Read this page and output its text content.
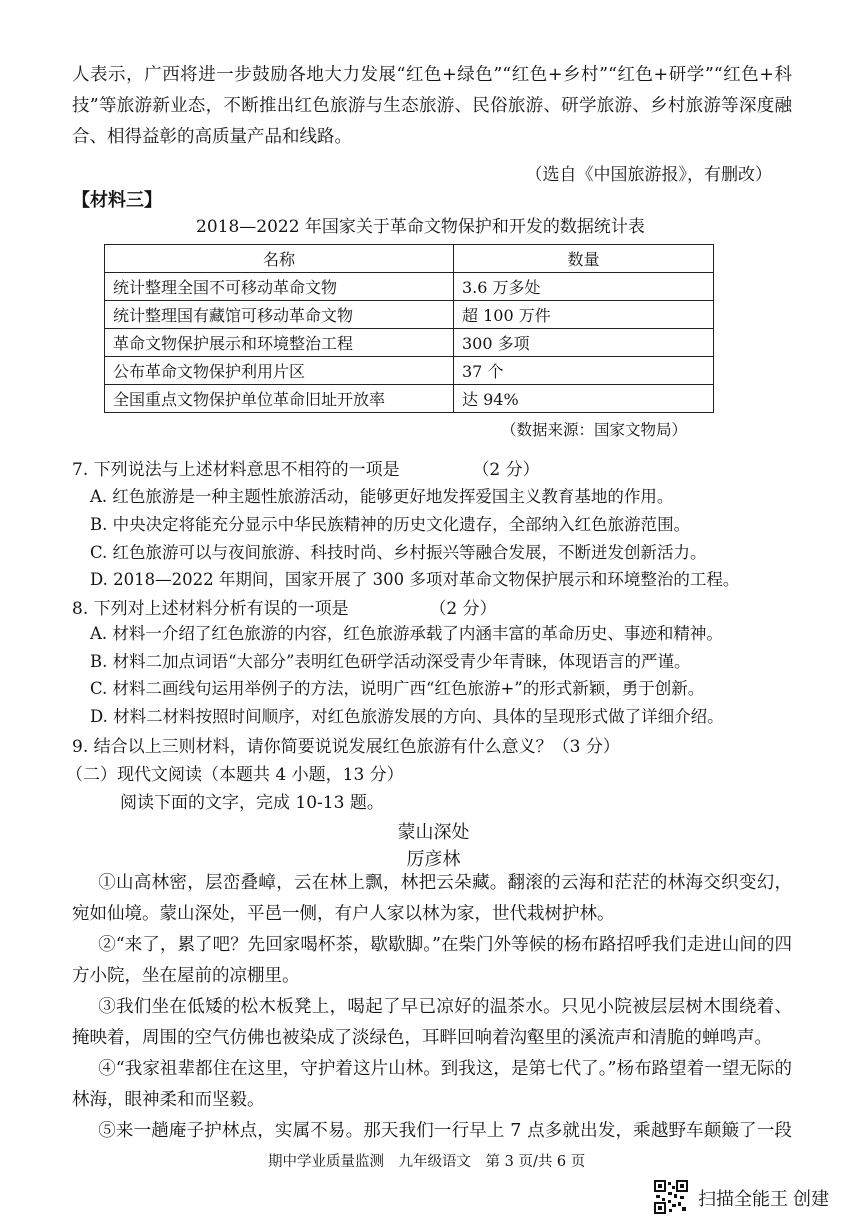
人表示，广西将进一步鼓励各地大力发展“红色+绿色”“红色+乡村”“红色+研学”“红色+科技”等旅游新业态，不断推出红色旅游与生态旅游、民俗旅游、研学旅游、乡村旅游等深度融合、相得益彰的高质量产品和线路。

（选自《中国旅游报》，有删改）
【材料三】
2018—2022 年国家关于革命文物保护和开发的数据统计表
名称	数量
统计整理全国不可移动革命文物	3.6 万多处
统计整理国有藏馆可移动革命文物	超 100 万件
革命文物保护展示和环境整治工程	300 多项
公布革命文物保护利用片区	37 个
全国重点文物保护单位革命旧址开放率	达 94%
（数据来源：国家文物局）
7. 下列说法与上述材料意思不相符的一项是	（2 分）
A. 红色旅游是一种主题性旅游活动，能够更好地发挥爱国主义教育基地的作用。
B. 中央决定将能充分显示中华民族精神的历史文化遗存，全部纳入红色旅游范围。
C. 红色旅游可以与夜间旅游、科技时尚、乡村振兴等融合发展，不断迸发创新活力。
D. 2018—2022 年期间，国家开展了 300 多项对革命文物保护展示和环境整治的工程。
8. 下列对上述材料分析有误的一项是	（2 分）
A. 材料一介绍了红色旅游的内容，红色旅游承载了内涵丰富的革命历史、事迹和精神。
B. 材料二加点词语“大部分”表明红色研学活动深受青少年青睐，体现语言的严谨。
C. 材料二画线句运用举例子的方法，说明广西“红色旅游+”的形式新颖，勇于创新。
D. 材料二材料按照时间顺序，对红色旅游发展的方向、具体的呈现形式做了详细介绍。
9. 结合以上三则材料，请你简要说说发展红色旅游有什么意义？（3 分）
（二）现代文阅读（本题共 4 小题，13 分）
阅读下面的文字，完成 10-13 题。
蒙山深处
厉彦林

①山高林密，层峦叠嶂，云在林上飘，林把云朵藏。翻滚的云海和茫茫的林海交织变幻，宛如仙境。蒙山深处，平邑一侧，有户人家以林为家，世代栽树护林。

②“来了，累了吧？先回家喝杯茶，歇歇脚。”在柴门外等候的杨布路招呼我们走进山间的四方小院，坐在屋前的凉棚里。

③我们坐在低矮的松木板凳上，喝起了早已凉好的温茶水。只见小院被层层树木围绕着、掩映着，周围的空气仿佛也被染成了淡绿色，耳畔回响着沟壑里的溪流声和清脆的蝉鸣声。

④“我家祖辈都住在这里，守护着这片山林。到我这，是第七代了。”杨布路望着一望无际的林海，眼神柔和而坚毅。

⑤来一趟庵子护林点，实属不易。那天我们一行早上 7 点多就出发，乘越野车颠簸了一段

期中学业质量监测　九年级语文　第 3 页/共 6 页
扫描全能王 创建
